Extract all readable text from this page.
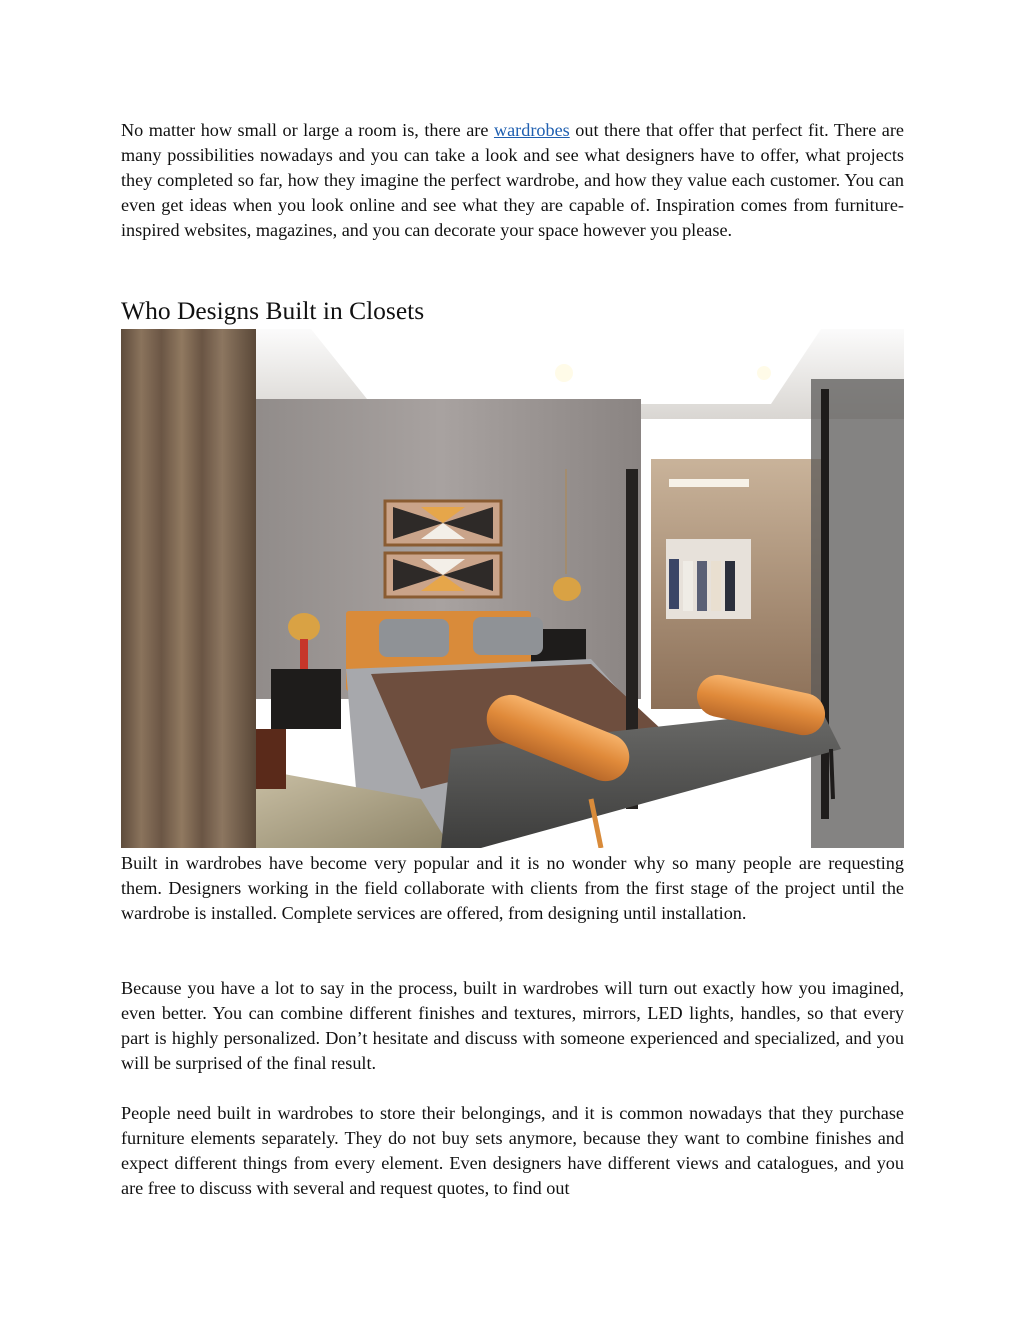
No matter how small or large a room is, there are wardrobes out there that offer that perfect fit. There are many possibilities nowadays and you can take a look and see what designers have to offer, what projects they completed so far, how they imagine the perfect wardrobe, and how they value each customer. You can even get ideas when you look online and see what they are capable of. Inspiration comes from furniture-inspired websites, magazines, and you can decorate your space however you please.

Who Designs Built in Closets

Built in wardrobes have become very popular and it is no wonder why so many people are requesting them. Designers working in the field collaborate with clients from the first stage of the project until the wardrobe is installed. Complete services are offered, from designing until installation.

Because you have a lot to say in the process, built in wardrobes will turn out exactly how you imagined, even better. You can combine different finishes and textures, mirrors, LED lights, handles, so that every part is highly personalized. Don’t hesitate and discuss with someone experienced and specialized, and you will be surprised of the final result.

People need built in wardrobes to store their belongings, and it is common nowadays that they purchase furniture elements separately. They do not buy sets anymore, because they want to combine finishes and expect different things from every element. Even designers have different views and catalogues, and you are free to discuss with several and request quotes, to find out
